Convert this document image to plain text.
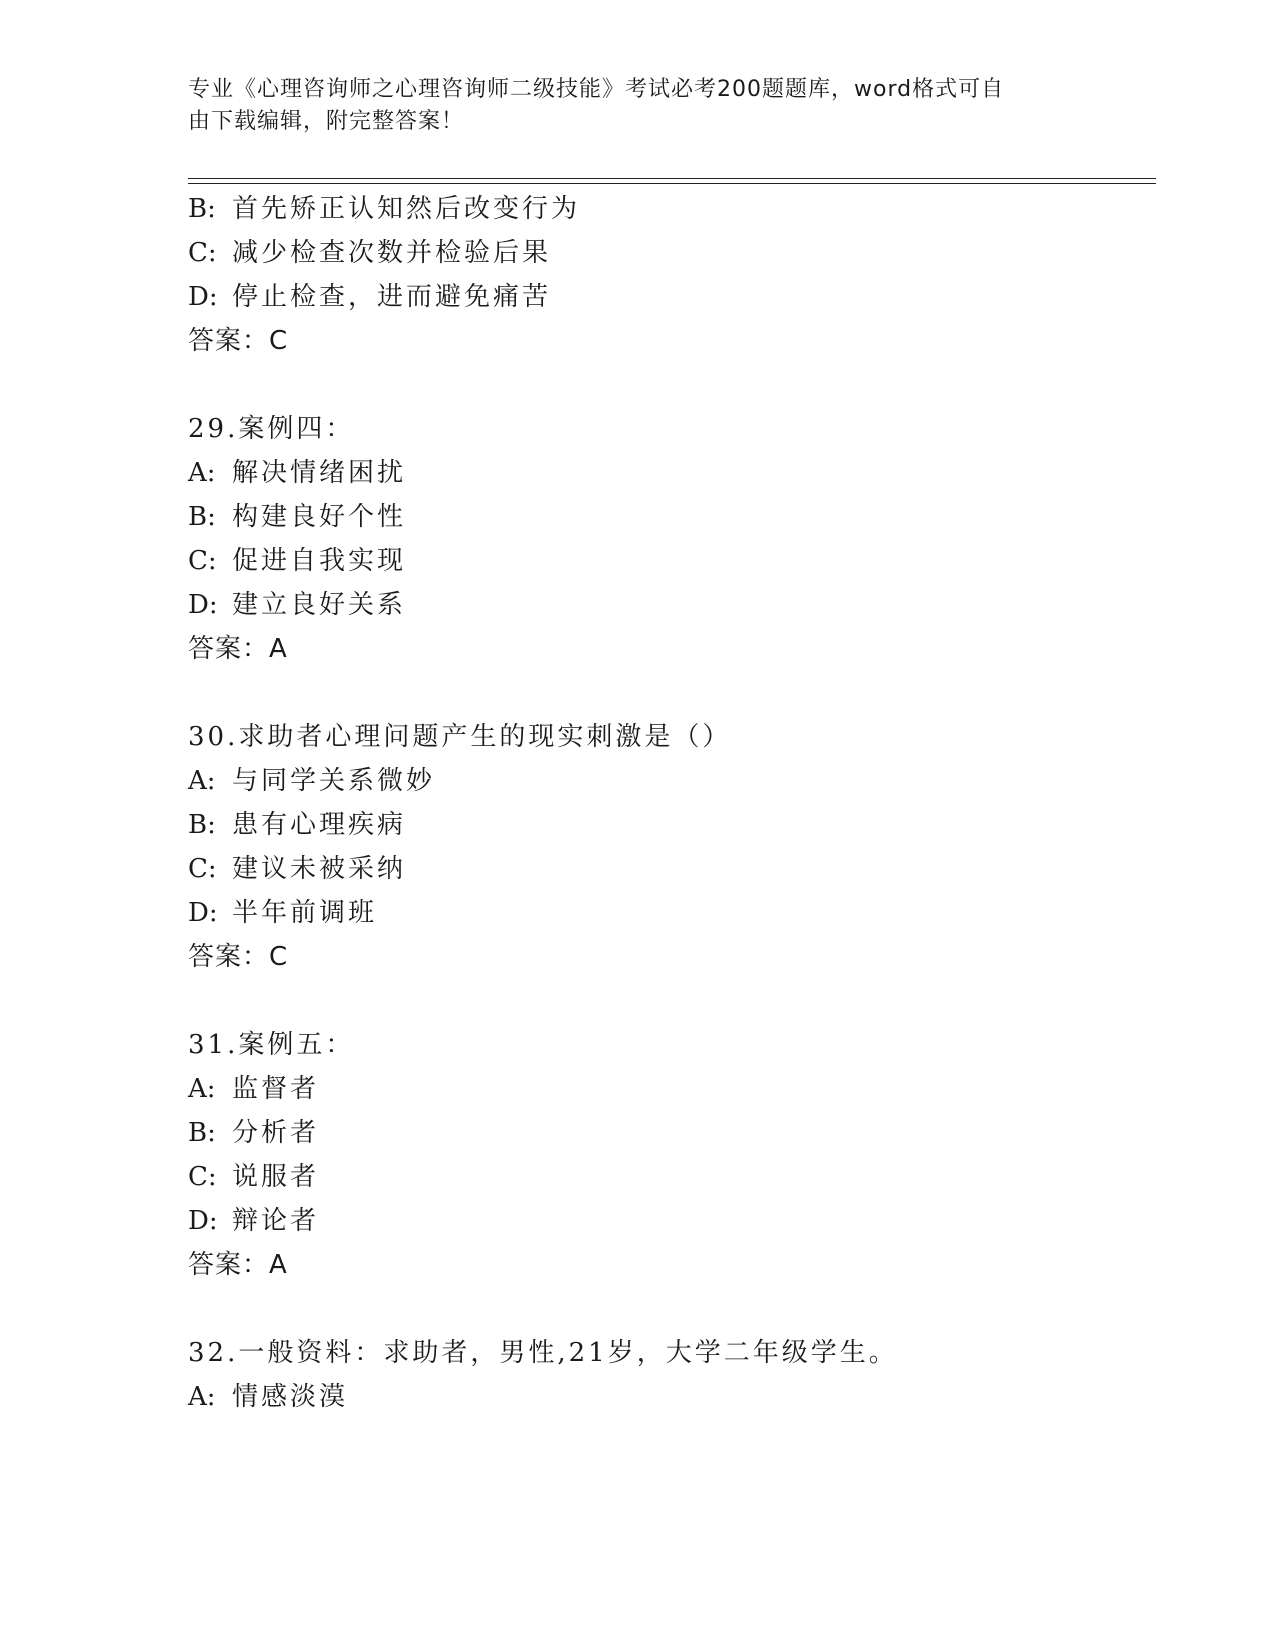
专业《心理咨询师之心理咨询师二级技能》考试必考200题题库，word格式可自
由下载编辑，附完整答案！
B: 首先矫正认知然后改变行为
C: 减少检查次数并检验后果
D: 停止检查，进而避免痛苦
答案：C
29.案例四：
A: 解决情绪困扰
B: 构建良好个性
C: 促进自我实现
D: 建立良好关系
答案：A
30.求助者心理问题产生的现实刺激是（）
A: 与同学关系微妙
B: 患有心理疾病
C: 建议未被采纳
D: 半年前调班
答案：C
31.案例五：
A: 监督者
B: 分析者
C: 说服者
D: 辩论者
答案：A
32.一般资料：求助者，男性,21岁，大学二年级学生。
A: 情感淡漠
